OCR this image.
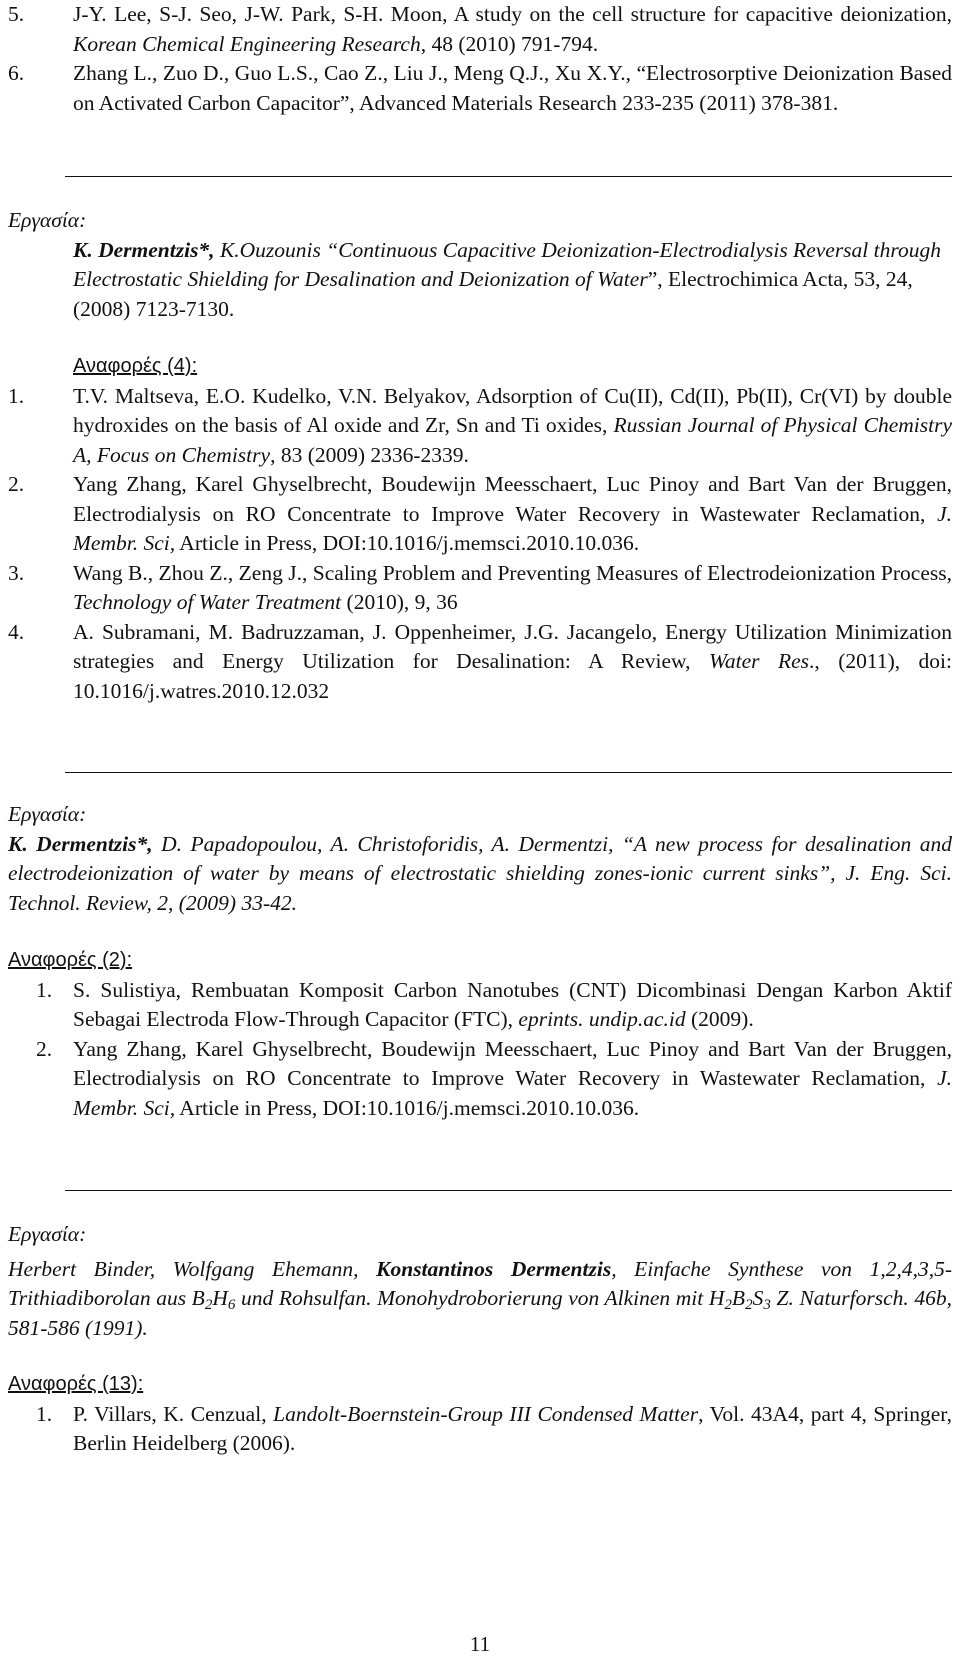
5.	J-Y. Lee, S-J. Seo, J-W. Park, S-H. Moon, A study on the cell structure for capacitive deionization, Korean Chemical Engineering Research, 48 (2010) 791-794.
6.	Zhang L., Zuo D., Guo L.S., Cao Z., Liu J., Meng Q.J., Xu X.Y., “Electrosorptive Deionization Based on Activated Carbon Capacitor”, Advanced Materials Research 233-235 (2011) 378-381.
Εργασία:
K. Dermentzis*, K.Ouzounis “Continuous Capacitive Deionization-Electrodialysis Reversal through Electrostatic Shielding for Desalination and Deionization of Water”, Electrochimica Acta, 53, 24, (2008) 7123-7130.
Αναφορές (4):
1.	T.V. Maltseva, E.O. Kudelko, V.N. Belyakov, Adsorption of Cu(II), Cd(II), Pb(II), Cr(VI) by double hydroxides on the basis of Al oxide and Zr, Sn and Ti oxides, Russian Journal of Physical Chemistry A, Focus on Chemistry, 83 (2009) 2336-2339.
2.	Yang Zhang, Karel Ghyselbrecht, Boudewijn Meesschaert, Luc Pinoy and Bart Van der Bruggen, Electrodialysis on RO Concentrate to Improve Water Recovery in Wastewater Reclamation, J. Membr. Sci, Article in Press, DOI:10.1016/j.memsci.2010.10.036.
3.	Wang B., Zhou Z., Zeng J., Scaling Problem and Preventing Measures of Electrodeionization Process, Technology of Water Treatment (2010), 9, 36
4.	A. Subramani, M. Badruzzaman, J. Oppenheimer, J.G. Jacangelo, Energy Utilization Minimization strategies and Energy Utilization for Desalination: A Review, Water Res., (2011), doi: 10.1016/j.watres.2010.12.032
Εργασία:
K. Dermentzis*, D. Papadopoulou, A. Christoforidis, A. Dermentzi, “A new process for desalination and electrodeionization of water by means of electrostatic shielding zones-ionic current sinks”, J. Eng. Sci. Technol. Review, 2, (2009) 33-42.
Αναφορές (2):
1. S. Sulistiya, Rembuatan Komposit Carbon Nanotubes (CNT) Dicombinasi Dengan Karbon Aktif Sebagai Electroda Flow-Through Capacitor (FTC), eprints. undip.ac.id (2009).
2. Yang Zhang, Karel Ghyselbrecht, Boudewijn Meesschaert, Luc Pinoy and Bart Van der Bruggen, Electrodialysis on RO Concentrate to Improve Water Recovery in Wastewater Reclamation, J. Membr. Sci, Article in Press, DOI:10.1016/j.memsci.2010.10.036.
Εργασία:
Herbert Binder, Wolfgang Ehemann, Konstantinos Dermentzis, Einfache Synthese von 1,2,4,3,5- Trithiadiborolan aus $B_2H_6$ und Rohsulfan. Monohydroborierung von Alkinen mit $H_2B_2S_3$ Z. Naturforsch. 46b, 581-586 (1991).
Αναφορές (13):
1. P. Villars, K. Cenzual, Landolt-Boernstein-Group III Condensed Matter, Vol. 43A4, part 4, Springer, Berlin Heidelberg (2006).
11
